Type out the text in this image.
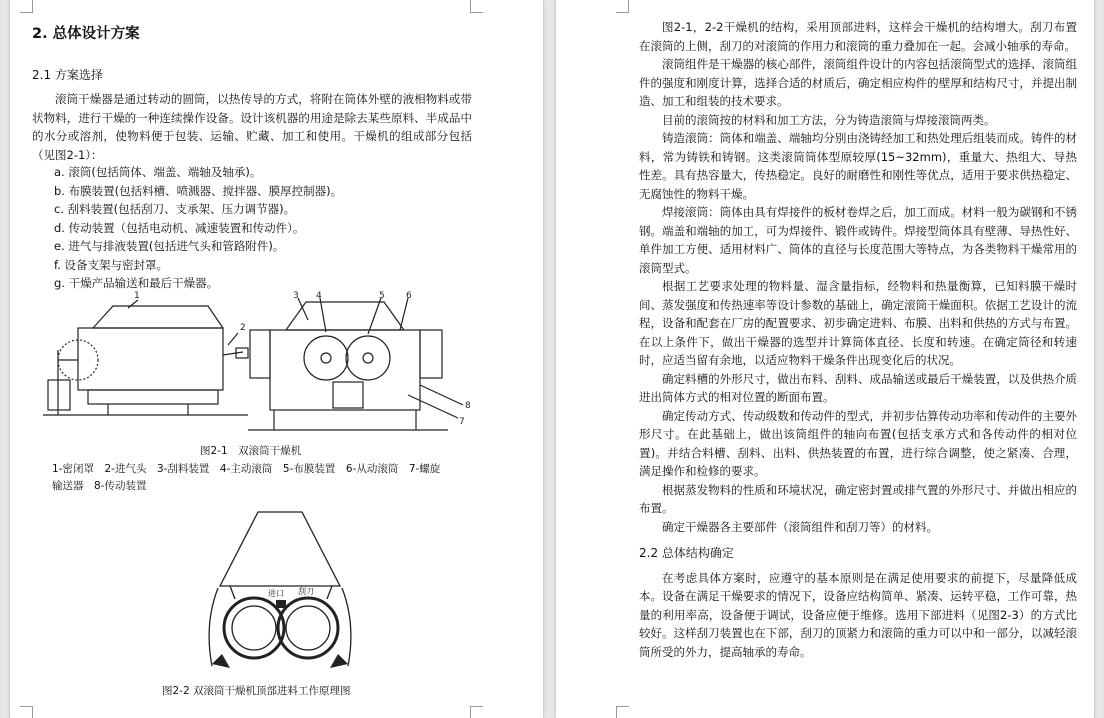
2. 总体设计方案
2.1 方案选择

滚筒干燥器是通过转动的圆筒，以热传导的方式，将附在筒体外壁的液相物料或带状物料，进行干燥的一种连续操作设备。设计该机器的用途是除去某些原料、半成品中的水分或溶剂，使物料便于包装、运输、贮藏、加工和使用。干燥机的组成部分包括（见图2-1）：

a. 滚筒(包括筒体、端盖、端轴及轴承)。
b. 布膜装置(包括料槽、喷溅器、搅拌器、膜厚控制器)。
c. 刮料装置(包括刮刀、支承架、压力调节器)。
d. 传动装置（包括电动机、减速装置和传动件）。
e. 进气与排液装置(包括进气头和管路附件)。
f. 设备支架与密封罩。
g. 干燥产品输送和最后干燥器。
1
2
3 4	5 6
7
8
图2-1　双滚筒干燥机
1-密闭罩　2-进气头　3-刮料装置　4-主动滚筒　5-布膜装置　6-从动滚筒　7-螺旋
输送器　8-传动装置
进口 刮刀
图2-2 双滚筒干燥机顶部进料工作原理图

图2-1，2-2干燥机的结构，采用顶部进料，这样会干燥机的结构增大。刮刀布置在滚筒的上侧，刮刀的对滚筒的作用力和滚筒的重力叠加在一起。会减小轴承的寿命。

滚筒组件是干燥器的核心部件，滚筒组件设计的内容包括滚筒型式的选择、滚筒组件的强度和刚度计算，选择合适的材质后，确定相应构件的壁厚和结构尺寸，并提出制造、加工和组装的技术要求。

目前的滚筒按的材料和加工方法，分为铸造滚筒与焊接滚筒两类。

铸造滚筒：筒体和端盖、端轴均分别由浇铸经加工和热处理后组装而成。铸件的材料，常为铸铁和铸钢。这类滚筒筒体型原较厚(15~32mm)，重量大、热组大、导热性差。具有热容量大，传热稳定。良好的耐磨性和刚性等优点，适用于要求供热稳定、无腐蚀性的物料干燥。

焊接滚筒：筒体由具有焊接件的板材卷焊之后，加工而成。材料一般为碳钢和不锈钢。端盖和端轴的加工，可为焊接件、锻件或铸件。焊接型筒体具有壁薄、导热性好、单件加工方便、适用材料广、筒体的直径与长度范围大等特点，为各类物料干燥常用的滚筒型式。

根据工艺要求处理的物料量、湿含量指标，经物料和热量衡算，已知料膜干燥时间、蒸发强度和传热速率等设计参数的基础上，确定滚筒干燥面积。依据工艺设计的流程，设备和配套在厂房的配置要求、初步确定进料、布膜、出料和供热的方式与布置。在以上条件下，做出干燥器的选型并计算筒体直径、长度和转速。在确定筒径和转速时，应适当留有余地，以适应物料干燥条件出现变化后的状况。

确定料槽的外形尺寸，做出布料、刮料、成品输送或最后干燥装置，以及供热介质进出筒体方式的相对位置的断面布置。

确定传动方式、传动级数和传动件的型式，并初步估算传动功率和传动件的主要外形尺寸。在此基础上，做出该筒组件的轴向布置(包括支承方式和各传动件的相对位置)。并结合料槽、刮料、出料、供热装置的布置，进行综合调整，使之紧凑、合理，满足操作和检修的要求。

根据蒸发物料的性质和环境状况，确定密封置或排气置的外形尺寸、并做出相应的布置。

确定干燥器各主要部件（滚筒组件和刮刀等）的材料。

2.2 总体结构确定

在考虑具体方案时，应遵守的基本原则是在满足使用要求的前提下，尽量降低成本。设备在满足干燥要求的情况下，设备应结构简单、紧凑、运转平稳，工作可靠，热量的利用率高，设备便于调试，设备应便于维修。选用下部进料（见图2-3）的方式比较好。这样刮刀装置也在下部，刮刀的顶紧力和滚筒的重力可以中和一部分，以减轻滚筒所受的外力，提高轴承的寿命。
